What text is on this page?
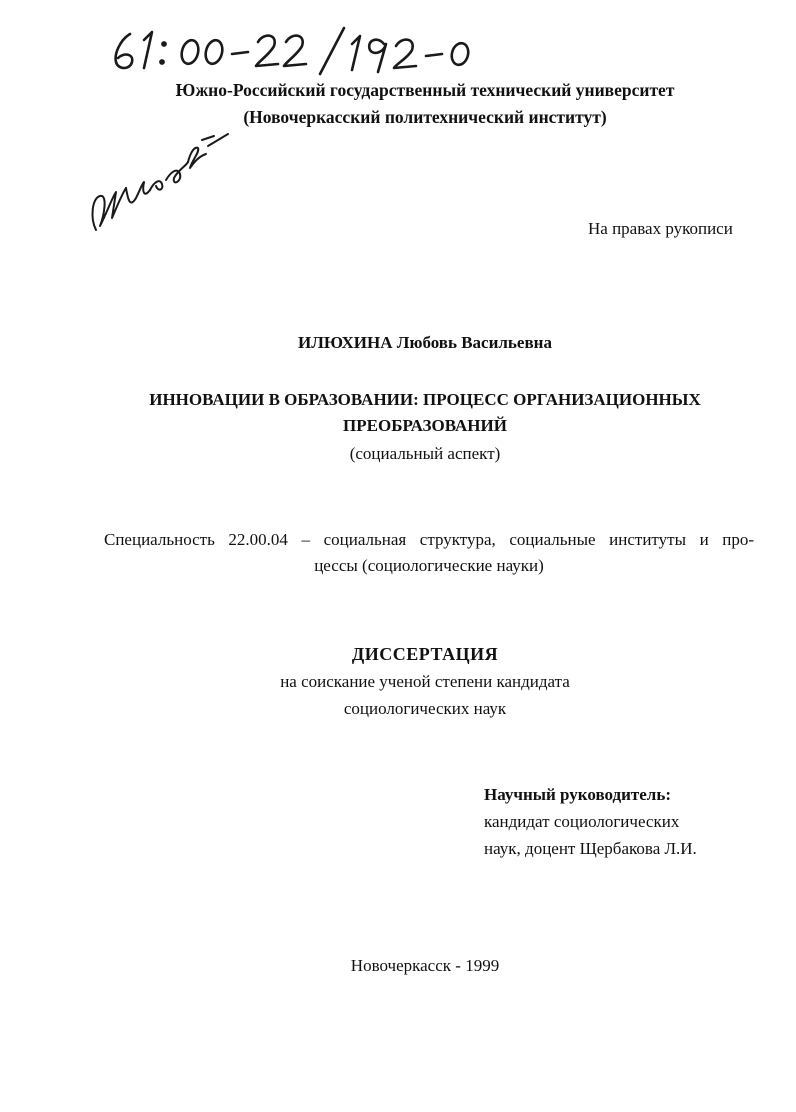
Южно-Российский государственный технический университет
(Новочеркасский политехнический институт)
На правах рукописи
ИЛЮХИНА Любовь Васильевна
ИННОВАЦИИ В ОБРАЗОВАНИИ: ПРОЦЕСС ОРГАНИЗАЦИОННЫХ
ПРЕОБРАЗОВАНИЙ
(социальный аспект)
Специальность 22.00.04 – социальная структура, социальные институты и про-
цессы (социологические науки)
ДИССЕРТАЦИЯ
на соискание ученой степени кандидата
социологических наук
Научный руководитель:
кандидат социологических
наук, доцент Щербакова Л.И.
Новочеркасск - 1999
